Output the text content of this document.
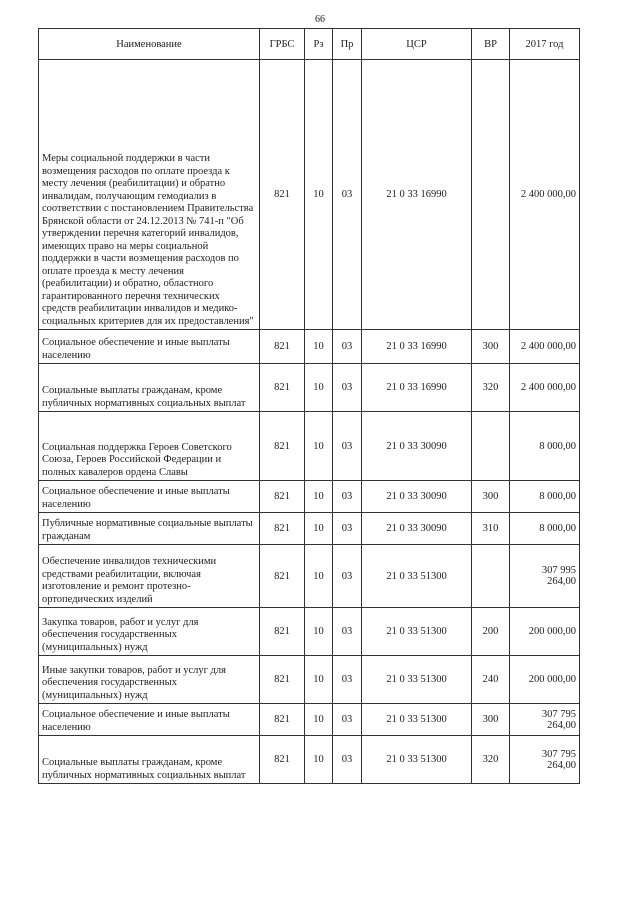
66
Наименование	ГРБС	Рз	Пр	ЦСР	ВР	2017 год
Меры социальной поддержки в части возмещения расходов по оплате проезда к месту лечения (реабилитации) и обратно инвалидам, получающим гемодиализ в соответствии с постановлением Правительства Брянской области от 24.12.2013 № 741-п "Об утверждении перечня категорий инвалидов, имеющих право на меры социальной поддержки в части возмещения расходов по оплате проезда к месту лечения (реабилитации) и обратно, областного гарантированного перечня технических средств реабилитации инвалидов и медико-социальных критериев для их предоставления"	821	10	03	21 0 33 16990		2 400 000,00
Социальное обеспечение и иные выплаты населению	821	10	03	21 0 33 16990	300	2 400 000,00
Социальные выплаты гражданам, кроме публичных нормативных социальных выплат	821	10	03	21 0 33 16990	320	2 400 000,00
Социальная поддержка Героев Советского Союза, Героев Российской Федерации и полных кавалеров ордена Славы	821	10	03	21 0 33 30090		8 000,00
Социальное обеспечение и иные выплаты населению	821	10	03	21 0 33 30090	300	8 000,00
Публичные нормативные социальные выплаты гражданам	821	10	03	21 0 33 30090	310	8 000,00
Обеспечение инвалидов техническими средствами реабилитации, включая изготовление и ремонт протезно-ортопедических изделий	821	10	03	21 0 33 51300		307 995 264,00
Закупка товаров, работ и услуг для обеспечения государственных (муниципальных) нужд	821	10	03	21 0 33 51300	200	200 000,00
Иные закупки товаров, работ и услуг для обеспечения государственных (муниципальных) нужд	821	10	03	21 0 33 51300	240	200 000,00
Социальное обеспечение и иные выплаты населению	821	10	03	21 0 33 51300	300	307 795 264,00
Социальные выплаты гражданам, кроме публичных нормативных социальных выплат	821	10	03	21 0 33 51300	320	307 795 264,00
